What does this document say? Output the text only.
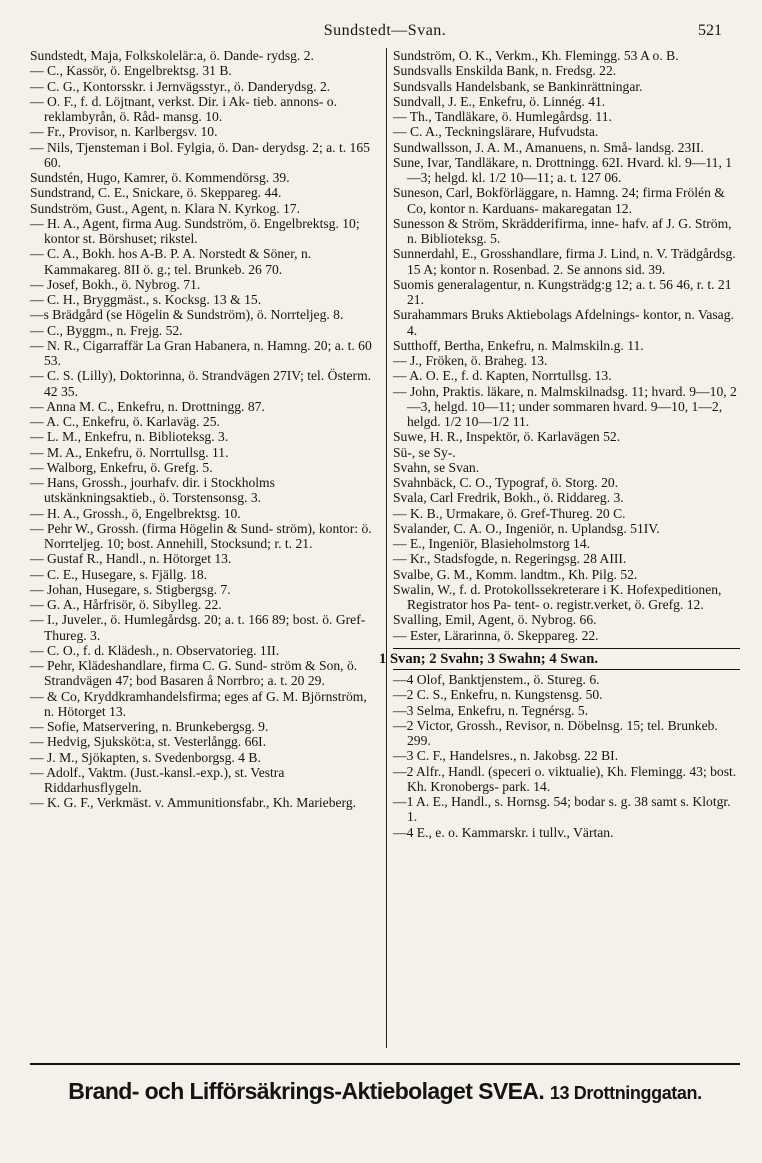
Sundstedt—Svan.	521

Sundstedt, Maja, Folkskolelär:a, ö. Dande- rydsg. 2.

— C., Kassör, ö. Engelbrektsg. 31 B.

— C. G., Kontorsskr. i Jernvägsstyr., ö. Danderydsg. 2.

— O. F., f. d. Löjtnant, verkst. Dir. i Ak- tieb. annons- o. reklambyrån, ö. Råd- mansg. 10.

— Fr., Provisor, n. Karlbergsv. 10.

— Nils, Tjensteman i Bol. Fylgia, ö. Dan- derydsg. 2; a. t. 165 60.

Sundstén, Hugo, Kamrer, ö. Kommendörsg. 39.

Sundstrand, C. E., Snickare, ö. Skeppareg. 44.

Sundström, Gust., Agent, n. Klara N. Kyrkog. 17.

— H. A., Agent, firma Aug. Sundström, ö. Engelbrektsg. 10; kontor st. Börshuset; rikstel.

— C. A., Bokh. hos A-B. P. A. Norstedt & Söner, n. Kammakareg. 8II ö. g.; tel. Brunkeb. 26 70.

— Josef, Bokh., ö. Nybrog. 71.

— C. H., Bryggmäst., s. Kocksg. 13 & 15.

—s Brädgård (se Högelin & Sundström), ö. Norrteljeg. 8.

— C., Byggm., n. Frejg. 52.

— N. R., Cigarraffär La Gran Habanera, n. Hamng. 20; a. t. 60 53.

— C. S. (Lilly), Doktorinna, ö. Strandvägen 27IV; tel. Österm. 42 35.

— Anna M. C., Enkefru, n. Drottningg. 87.

— A. C., Enkefru, ö. Karlaväg. 25.

— L. M., Enkefru, n. Biblioteksg. 3.

— M. A., Enkefru, ö. Norrtullsg. 11.

— Walborg, Enkefru, ö. Grefg. 5.

— Hans, Grossh., jourhafv. dir. i Stockholms utskänkningsaktieb., ö. Torstensonsg. 3.

— H. A., Grossh., ö, Engelbrektsg. 10.

— Pehr W., Grossh. (firma Högelin & Sund- ström), kontor: ö. Norrteljeg. 10; bost. Annehill, Stocksund; r. t. 21.

— Gustaf R., Handl., n. Hötorget 13.

— C. E., Husegare, s. Fjällg. 18.

— Johan, Husegare, s. Stigbergsg. 7.

— G. A., Hårfrisör, ö. Sibylleg. 22.

— I., Juveler., ö. Humlegårdsg. 20; a. t. 166 89; bost. ö. Gref-Thureg. 3.

— C. O., f. d. Klädesh., n. Observatorieg. 1II.

— Pehr, Klädeshandlare, firma C. G. Sund- ström & Son, ö. Strandvägen 47; bod Basaren å Norrbro; a. t. 20 29.

— & Co, Kryddkramhandelsfirma; eges af G. M. Björnström, n. Hötorget 13.

— Sofie, Matservering, n. Brunkebergsg. 9.

— Hedvig, Sjuksköt:a, st. Vesterlångg. 66I.

— J. M., Sjökapten, s. Svedenborgsg. 4 B.

— Adolf., Vaktm. (Just.-kansl.-exp.), st. Vestra Riddarhusflygeln.

— K. G. F., Verkmäst. v. Ammunitionsfabr., Kh. Marieberg.

Sundström, O. K., Verkm., Kh. Flemingg. 53 A o. B.

Sundsvalls Enskilda Bank, n. Fredsg. 22.

Sundsvalls Handelsbank, se Bankinrättningar.

Sundvall, J. E., Enkefru, ö. Linnég. 41.

— Th., Tandläkare, ö. Humlegårdsg. 11.

— C. A., Teckningslärare, Hufvudsta.

Sundwallsson, J. A. M., Amanuens, n. Små- landsg. 23II.

Sune, Ivar, Tandläkare, n. Drottningg. 62I. Hvard. kl. 9—11, 1—3; helgd. kl. 1/2 10—11; a. t. 127 06.

Suneson, Carl, Bokförläggare, n. Hamng. 24; firma Frölén & Co, kontor n. Karduans- makaregatan 12.

Sunesson & Ström, Skrädderifirma, inne- hafv. af J. G. Ström, n. Biblioteksg. 5.

Sunnerdahl, E., Grosshandlare, firma J. Lind, n. V. Trädgårdsg. 15 A; kontor n. Rosenbad. 2. Se annons sid. 39.

Suomis generalagentur, n. Kungsträdg:g 12; a. t. 56 46, r. t. 21 21.

Surahammars Bruks Aktiebolags Afdelnings- kontor, n. Vasag. 4.

Sutthoff, Bertha, Enkefru, n. Malmskiln.g. 11.

— J., Fröken, ö. Braheg. 13.

— A. O. E., f. d. Kapten, Norrtullsg. 13.

— John, Praktis. läkare, n. Malmskilnadsg. 11; hvard. 9—10, 2—3, helgd. 10—11; under sommaren hvard. 9—10, 1—2, helgd. 1/2 10—1/2 11.

Suwe, H. R., Inspektör, ö. Karlavägen 52.

Sü-, se Sy-.

Svahn, se Svan.

Svahnbäck, C. O., Typograf, ö. Storg. 20.

Svala, Carl Fredrik, Bokh., ö. Riddareg. 3.

— K. B., Urmakare, ö. Gref-Thureg. 20 C.

Svalander, C. A. O., Ingeniör, n. Uplandsg. 51IV.

— E., Ingeniör, Blasieholmstorg 14.

— Kr., Stadsfogde, n. Regeringsg. 28 AIII.

Svalbe, G. M., Komm. landtm., Kh. Pilg. 52.

Swalin, W., f. d. Protokollssekreterare i K. Hofexpeditionen, Registrator hos Pa- tent- o. registr.verket, ö. Grefg. 12.

Svalling, Emil, Agent, ö. Nybrog. 66.

— Ester, Lärarinna, ö. Skeppareg. 22.

1 Svan; 2 Svahn; 3 Swahn; 4 Swan.

—4 Olof, Banktjenstem., ö. Stureg. 6.

—2 C. S., Enkefru, n. Kungstensg. 50.

—3 Selma, Enkefru, n. Tegnérsg. 5.

—2 Victor, Grossh., Revisor, n. Döbelnsg. 15; tel. Brunkeb. 299.

—3 C. F., Handelsres., n. Jakobsg. 22 BI.

—2 Alfr., Handl. (speceri o. viktualie), Kh. Flemingg. 43; bost. Kh. Kronobergs- park. 14.

—1 A. E., Handl., s. Hornsg. 54; bodar s. g. 38 samt s. Klotgr. 1.

—4 E., e. o. Kammarskr. i tullv., Värtan.

Brand- och Lifförsäkrings-Aktiebolaget SVEA. 13 Drottninggatan.
